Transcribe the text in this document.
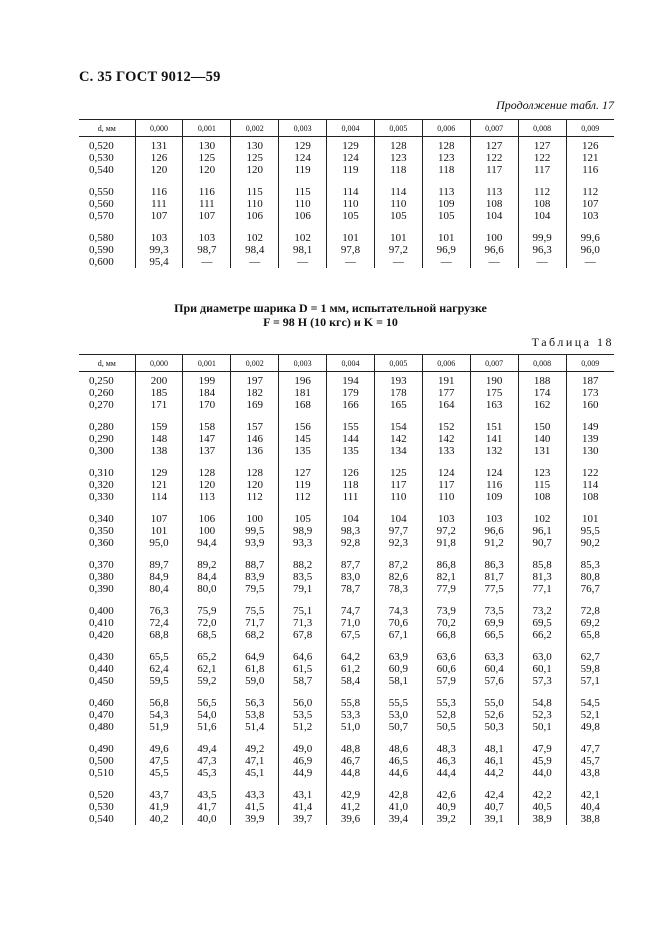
С. 35 ГОСТ 9012—59
Продолжение табл. 17
d, мм	0,000	0,001	0,002	0,003	0,004	0,005	0,006	0,007	0,008	0,009
0,520	131	130	130	129	129	128	128	127	127	126
0,530	126	125	125	124	124	123	123	122	122	121
0,540	120	120	120	119	119	118	118	117	117	116
0,550	116	116	115	115	114	114	113	113	112	112
0,560	111	111	110	110	110	110	109	108	108	107
0,570	107	107	106	106	105	105	105	104	104	103
0,580	103	103	102	102	101	101	101	100	99,9	99,6
0,590	99,3	98,7	98,4	98,1	97,8	97,2	96,9	96,6	96,3	96,0
0,600	95,4	—	—	—	—	—	—	—	—	—
При диаметре шарика D = 1 мм, испытательной нагрузке
F = 98 Н (10 кгс) и K = 10
Таблица 18
d, мм	0,000	0,001	0,002	0,003	0,004	0,005	0,006	0,007	0,008	0,009
0,250	200	199	197	196	194	193	191	190	188	187
0,260	185	184	182	181	179	178	177	175	174	173
0,270	171	170	169	168	166	165	164	163	162	160
0,280	159	158	157	156	155	154	152	151	150	149
0,290	148	147	146	145	144	142	142	141	140	139
0,300	138	137	136	135	135	134	133	132	131	130
0,310	129	128	128	127	126	125	124	124	123	122
0,320	121	120	120	119	118	117	117	116	115	114
0,330	114	113	112	112	111	110	110	109	108	108
0,340	107	106	100	105	104	104	103	103	102	101
0,350	101	100	99,5	98,9	98,3	97,7	97,2	96,6	96,1	95,5
0,360	95,0	94,4	93,9	93,3	92,8	92,3	91,8	91,2	90,7	90,2
0,370	89,7	89,2	88,7	88,2	87,7	87,2	86,8	86,3	85,8	85,3
0,380	84,9	84,4	83,9	83,5	83,0	82,6	82,1	81,7	81,3	80,8
0,390	80,4	80,0	79,5	79,1	78,7	78,3	77,9	77,5	77,1	76,7
0,400	76,3	75,9	75,5	75,1	74,7	74,3	73,9	73,5	73,2	72,8
0,410	72,4	72,0	71,7	71,3	71,0	70,6	70,2	69,9	69,5	69,2
0,420	68,8	68,5	68,2	67,8	67,5	67,1	66,8	66,5	66,2	65,8
0,430	65,5	65,2	64,9	64,6	64,2	63,9	63,6	63,3	63,0	62,7
0,440	62,4	62,1	61,8	61,5	61,2	60,9	60,6	60,4	60,1	59,8
0,450	59,5	59,2	59,0	58,7	58,4	58,1	57,9	57,6	57,3	57,1
0,460	56,8	56,5	56,3	56,0	55,8	55,5	55,3	55,0	54,8	54,5
0,470	54,3	54,0	53,8	53,5	53,3	53,0	52,8	52,6	52,3	52,1
0,480	51,9	51,6	51,4	51,2	51,0	50,7	50,5	50,3	50,1	49,8
0,490	49,6	49,4	49,2	49,0	48,8	48,6	48,3	48,1	47,9	47,7
0,500	47,5	47,3	47,1	46,9	46,7	46,5	46,3	46,1	45,9	45,7
0,510	45,5	45,3	45,1	44,9	44,8	44,6	44,4	44,2	44,0	43,8
0,520	43,7	43,5	43,3	43,1	42,9	42,8	42,6	42,4	42,2	42,1
0,530	41,9	41,7	41,5	41,4	41,2	41,0	40,9	40,7	40,5	40,4
0,540	40,2	40,0	39,9	39,7	39,6	39,4	39,2	39,1	38,9	38,8
